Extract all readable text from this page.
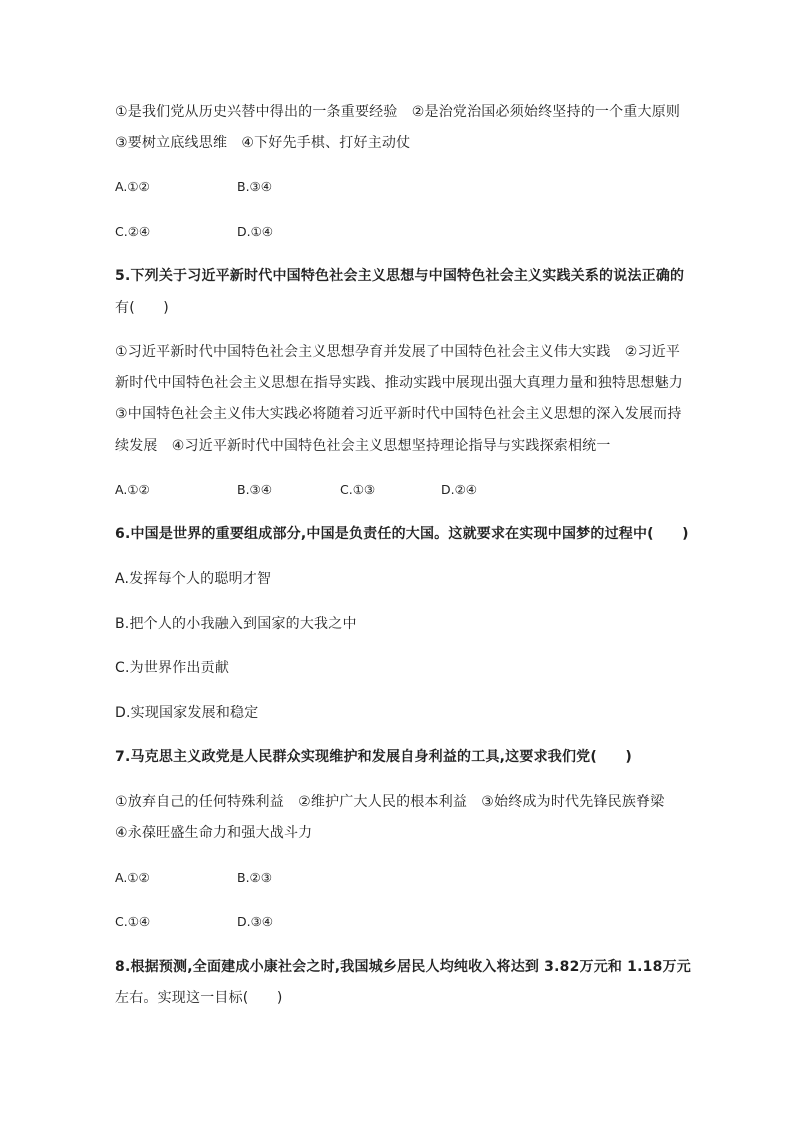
①是我们党从历史兴替中得出的一条重要经验　②是治党治国必须始终坚持的一个重大原则
③要树立底线思维　④下好先手棋、打好主动仗
A.①②	B.③④
C.②④	D.①④
5.下列关于习近平新时代中国特色社会主义思想与中国特色社会主义实践关系的说法正确的
有(　　)
①习近平新时代中国特色社会主义思想孕育并发展了中国特色社会主义伟大实践　②习近平
新时代中国特色社会主义思想在指导实践、推动实践中展现出强大真理力量和独特思想魅力
③中国特色社会主义伟大实践必将随着习近平新时代中国特色社会主义思想的深入发展而持
续发展　④习近平新时代中国特色社会主义思想坚持理论指导与实践探索相统一
A.①②	B.③④	C.①③	D.②④
6.中国是世界的重要组成部分,中国是负责任的大国。这就要求在实现中国梦的过程中(　　)
A.发挥每个人的聪明才智
B.把个人的小我融入到国家的大我之中
C.为世界作出贡献
D.实现国家发展和稳定
7.马克思主义政党是人民群众实现维护和发展自身利益的工具,这要求我们党(　　)
①放弃自己的任何特殊利益　②维护广大人民的根本利益　③始终成为时代先锋民族脊梁
④永葆旺盛生命力和强大战斗力
A.①②	B.②③
C.①④	D.③④
8.根据预测,全面建成小康社会之时,我国城乡居民人均纯收入将达到 3.82万元和 1.18万元
左右。实现这一目标(　　)
